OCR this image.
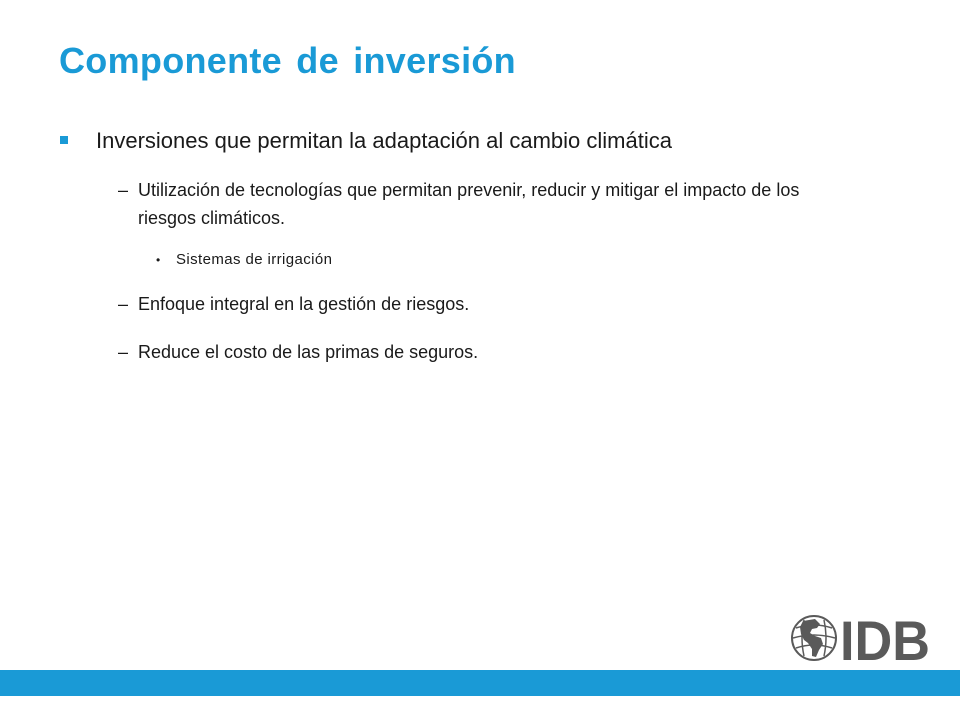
Componente de inversión
Inversiones que permitan la adaptación al cambio climática
– Utilización de tecnologías que permitan prevenir, reducir y mitigar el impacto de los riesgos climáticos.
• Sistemas de irrigación
– Enfoque integral en la gestión de riesgos.
– Reduce el costo de las primas de seguros.
IDB
